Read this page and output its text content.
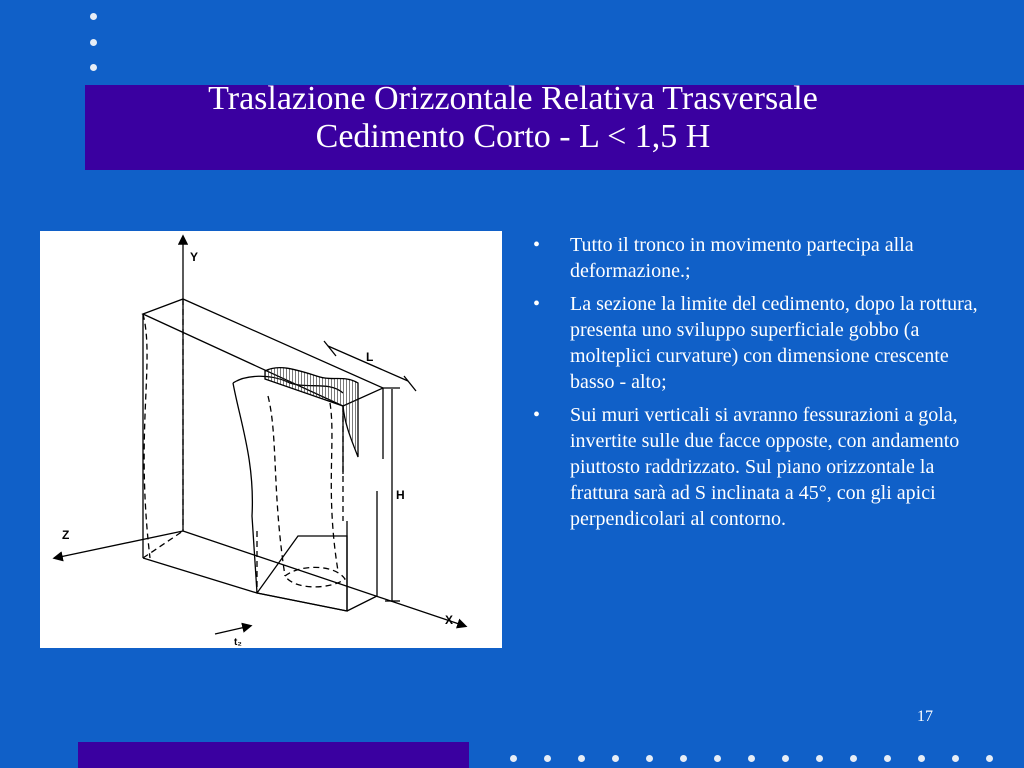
Traslazione Orizzontale Relativa Trasversale
Cedimento Corto - L < 1,5 H
Y
Z
X
L
H
t₂
• Tutto il tronco in movimento partecipa alla deformazione.;
• La sezione la limite del cedimento, dopo la rottura, presenta uno sviluppo superficiale gobbo (a molteplici curvature) con dimensione crescente basso - alto;
• Sui muri verticali si avranno fessurazioni a gola, invertite sulle due facce opposte, con andamento piuttosto raddrizzato. Sul piano orizzontale la frattura sarà ad S inclinata a 45°, con gli apici perpendicolari al contorno.
17
